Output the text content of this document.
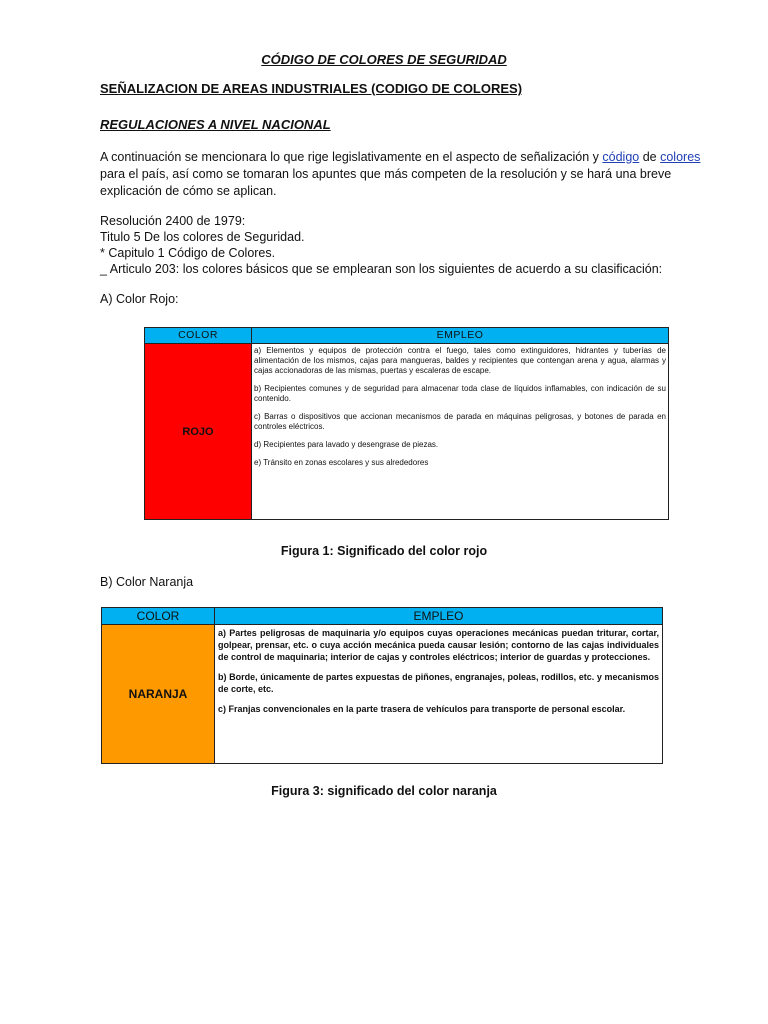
CÓDIGO DE COLORES DE SEGURIDAD
SEÑALIZACION DE AREAS INDUSTRIALES (CODIGO DE COLORES)
REGULACIONES A NIVEL NACIONAL
A continuación se mencionara lo que rige legislativamente en el aspecto de señalización y código de colores para el país, así como se tomaran los apuntes que más competen de la resolución y se hará una breve explicación de cómo se aplican.
Resolución 2400 de 1979:
Titulo 5 De los colores de Seguridad.
* Capitulo 1 Código de Colores.
_ Articulo 203: los colores básicos que se emplearan son los siguientes de acuerdo a su clasificación:
A) Color Rojo:
COLOR	EMPLEO
ROJO	a) Elementos y equipos de protección contra el fuego, tales como extinguidores, hidrantes y tuberías de alimentación de los mismos, cajas para mangueras, baldes y recipientes que contengan arena y agua, alarmas y cajas accionadoras de las mismas, puertas y escaleras de escape.

b) Recipientes comunes y de seguridad para almacenar toda clase de líquidos inflamables, con indicación de su contenido.

c) Barras o dispositivos que accionan mecanismos de parada en máquinas peligrosas, y botones de parada en controles eléctricos.

d) Recipientes para lavado y desengrase de piezas.

e) Tránsito en zonas escolares y sus alrededores

Figura 1: Significado del color rojo
B) Color Naranja
COLOR	EMPLEO
NARANJA	a) Partes peligrosas de maquinaria y/o equipos cuyas operaciones mecánicas puedan triturar, cortar, golpear, prensar, etc. o cuya acción mecánica pueda causar lesión; contorno de las cajas individuales de control de maquinaria; interior de cajas y controles eléctricos; interior de guardas y protecciones.

b) Borde, únicamente de partes expuestas de piñones, engranajes, poleas, rodillos, etc. y mecanismos de corte, etc.

c) Franjas convencionales en la parte trasera de vehículos para transporte de personal escolar.

Figura 3: significado del color naranja
